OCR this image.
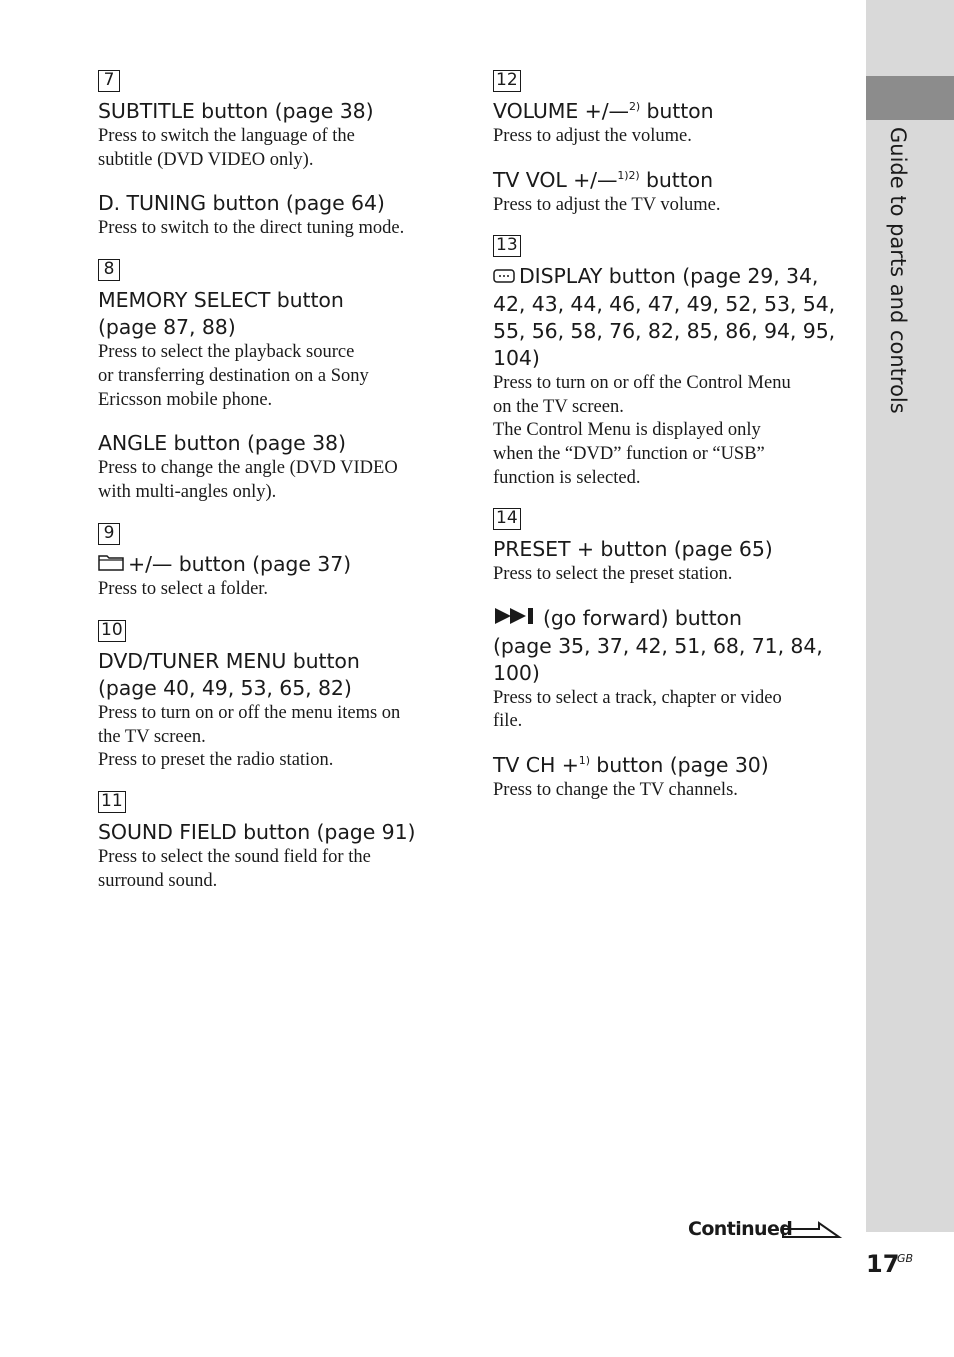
Guide to parts and controls
7
SUBTITLE button (page 38)
Press to switch the language of the
subtitle (DVD VIDEO only).
D. TUNING button (page 64)
Press to switch to the direct tuning mode.
8
MEMORY SELECT button
(page 87, 88)
Press to select the playback source
or transferring destination on a Sony
Ericsson mobile phone.
ANGLE button (page 38)
Press to change the angle (DVD VIDEO
with multi-angles only).
9
+/— button (page 37)
Press to select a folder.
10
DVD/TUNER MENU button
(page 40, 49, 53, 65, 82)
Press to turn on or off the menu items on
the TV screen.
Press to preset the radio station.
11
SOUND FIELD button (page 91)
Press to select the sound field for the
surround sound.
12
VOLUME +/—$^{2)}$ button
Press to adjust the volume.
TV VOL +/—$^{1)2)}$ button
Press to adjust the TV volume.
13
DISPLAY button (page 29, 34,
42, 43, 44, 46, 47, 49, 52, 53, 54,
55, 56, 58, 76, 82, 85, 86, 94, 95,
104)
Press to turn on or off the Control Menu
on the TV screen.
The Control Menu is displayed only
when the “DVD” function or “USB”
function is selected.
14
PRESET + button (page 65)
Press to select the preset station.
(go forward) button
(page 35, 37, 42, 51, 68, 71, 84,
100)
Press to select a track, chapter or video
file.
TV CH +$^{1)}$ button (page 30)
Press to change the TV channels.
Continued
17
GB
